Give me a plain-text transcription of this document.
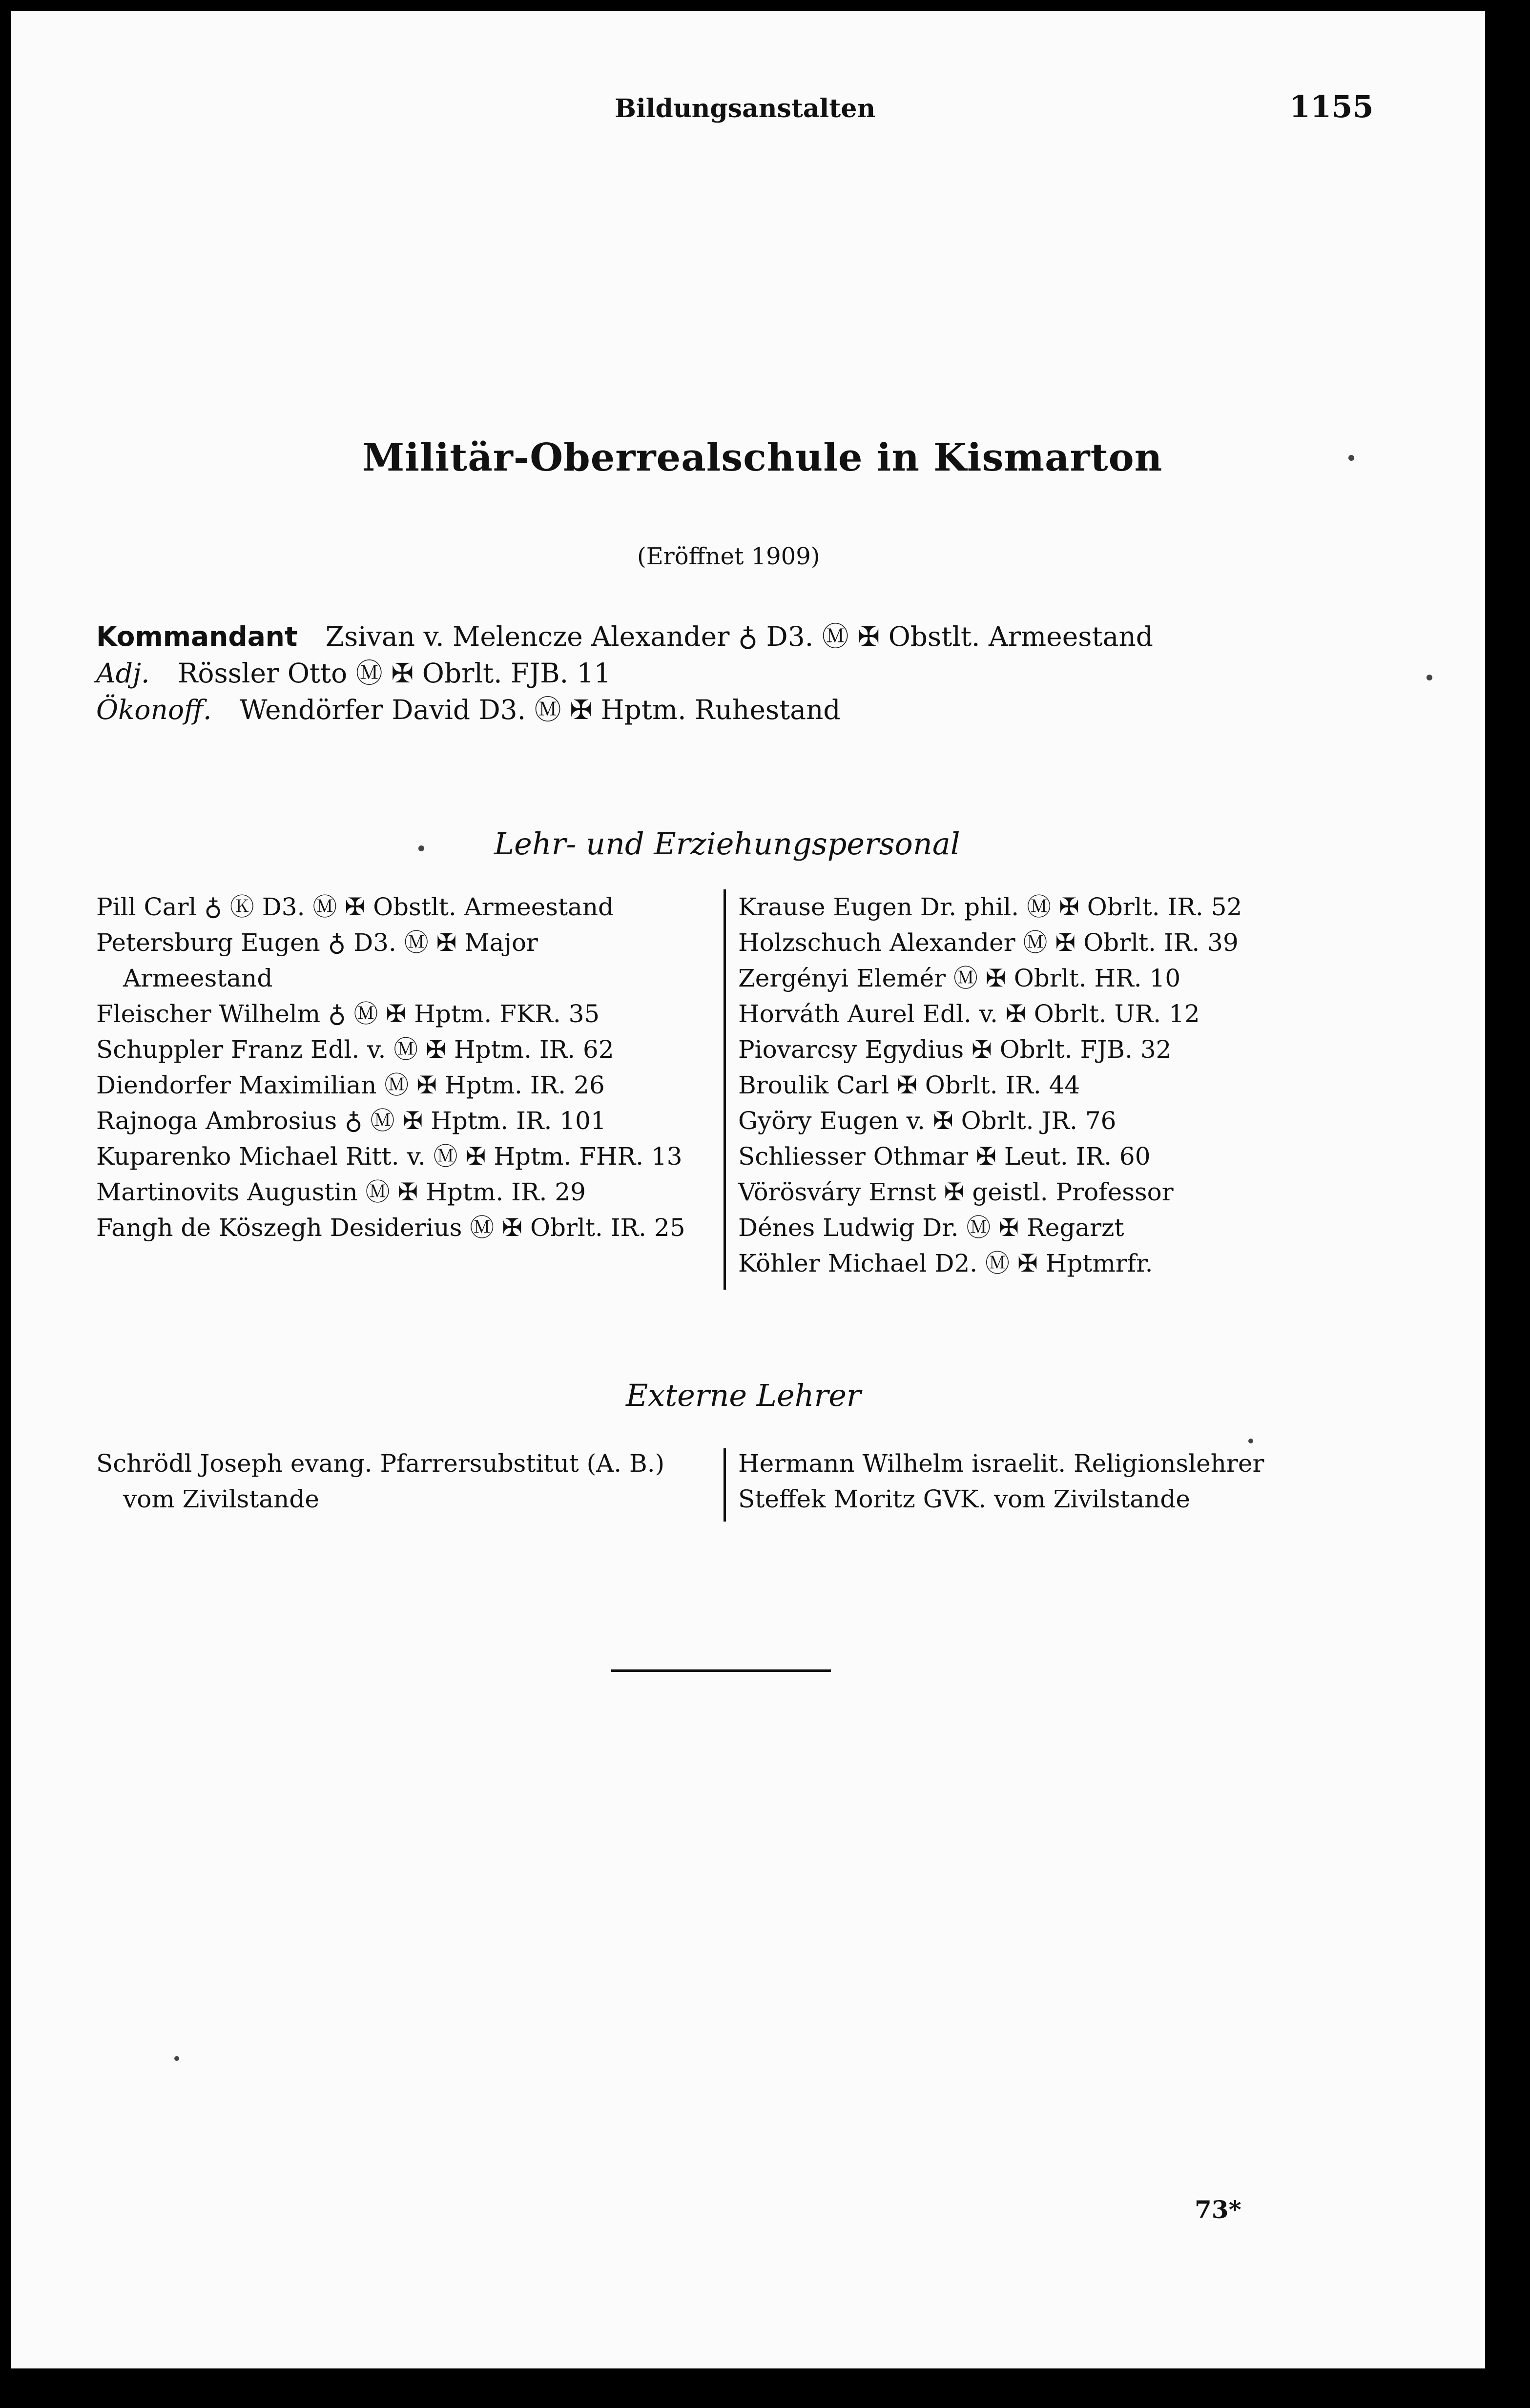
Bildungsanstalten	1155
Militär-Oberrealschule in Kismarton
(Eröffnet 1909)
Kommandant Zsivan v. Melencze Alexander ♁ D3. Ⓜ ✠ Obstlt. Armeestand
Adj. Rössler Otto Ⓜ ✠ Obrlt. FJB. 11
Ökonoff. Wendörfer David D3. Ⓜ ✠ Hptm. Ruhestand
Lehr- und Erziehungspersonal
Pill Carl ♁ Ⓚ D3. Ⓜ ✠ Obstlt. Armeestand
Petersburg Eugen ♁ D3. Ⓜ ✠ Major
Armeestand
Fleischer Wilhelm ♁ Ⓜ ✠ Hptm. FKR. 35
Schuppler Franz Edl. v. Ⓜ ✠ Hptm. IR. 62
Diendorfer Maximilian Ⓜ ✠ Hptm. IR. 26
Rajnoga Ambrosius ♁ Ⓜ ✠ Hptm. IR. 101
Kuparenko Michael Ritt. v. Ⓜ ✠ Hptm. FHR. 13
Martinovits Augustin Ⓜ ✠ Hptm. IR. 29
Fangh de Köszegh Desiderius Ⓜ ✠ Obrlt. IR. 25
Krause Eugen Dr. phil. Ⓜ ✠ Obrlt. IR. 52
Holzschuch Alexander Ⓜ ✠ Obrlt. IR. 39
Zergényi Elemér Ⓜ ✠ Obrlt. HR. 10
Horváth Aurel Edl. v. ✠ Obrlt. UR. 12
Piovarcsy Egydius ✠ Obrlt. FJB. 32
Broulik Carl ✠ Obrlt. IR. 44
Györy Eugen v. ✠ Obrlt. JR. 76
Schliesser Othmar ✠ Leut. IR. 60
Vörösváry Ernst ✠ geistl. Professor
Dénes Ludwig Dr. Ⓜ ✠ Regarzt
Köhler Michael D2. Ⓜ ✠ Hptmrfr.
Externe Lehrer
Schrödl Joseph evang. Pfarrersubstitut (A. B.)
vom Zivilstande
Hermann Wilhelm israelit. Religionslehrer
Steffek Moritz GVK. vom Zivilstande
73*
